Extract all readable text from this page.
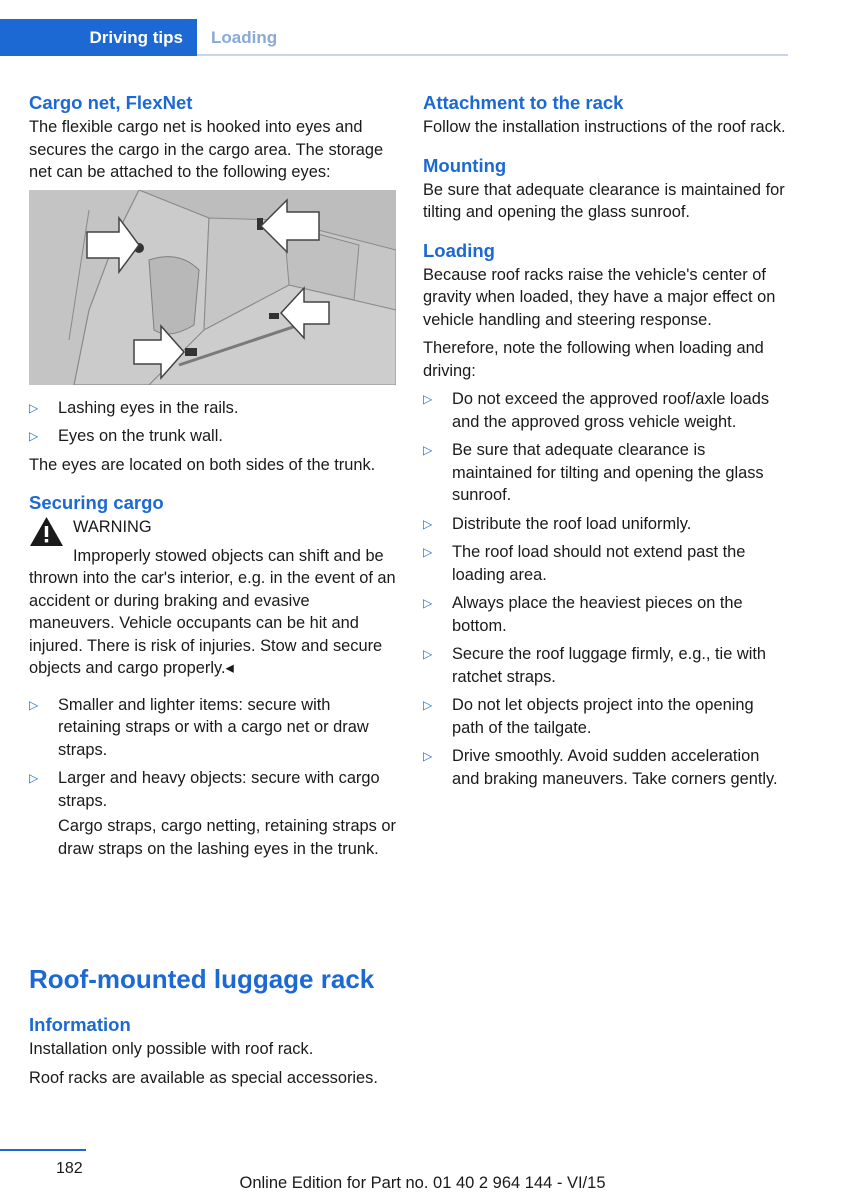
Driving tips	Loading
Cargo net, FlexNet

The flexible cargo net is hooked into eyes and secures the cargo in the cargo area. The storage net can be attached to the following eyes:

▷ Lashing eyes in the rails.
▷ Eyes on the trunk wall.

The eyes are located on both sides of the trunk.

Securing cargo

WARNING

Improperly stowed objects can shift and be thrown into the car's interior, e.g. in the event of an accident or during braking and evasive maneuvers. Vehicle occupants can be hit and injured. There is risk of injuries. Stow and secure objects and cargo properly.◂

▷ Smaller and lighter items: secure with retaining straps or with a cargo net or draw straps.
▷ Larger and heavy objects: secure with cargo straps.

Cargo straps, cargo netting, retaining straps or draw straps on the lashing eyes in the trunk.

Roof-mounted luggage rack
Information

Installation only possible with roof rack.

Roof racks are available as special accessories.

Attachment to the rack

Follow the installation instructions of the roof rack.

Mounting

Be sure that adequate clearance is maintained for tilting and opening the glass sunroof.

Loading

Because roof racks raise the vehicle's center of gravity when loaded, they have a major effect on vehicle handling and steering response.

Therefore, note the following when loading and driving:

▷ Do not exceed the approved roof/axle loads and the approved gross vehicle weight.
▷ Be sure that adequate clearance is maintained for tilting and opening the glass sunroof.
▷ Distribute the roof load uniformly.
▷ The roof load should not extend past the loading area.
▷ Always place the heaviest pieces on the bottom.
▷ Secure the roof luggage firmly, e.g., tie with ratchet straps.
▷ Do not let objects project into the opening path of the tailgate.
▷ Drive smoothly. Avoid sudden acceleration and braking maneuvers. Take corners gently.
182
Online Edition for Part no. 01 40 2 964 144 - VI/15
